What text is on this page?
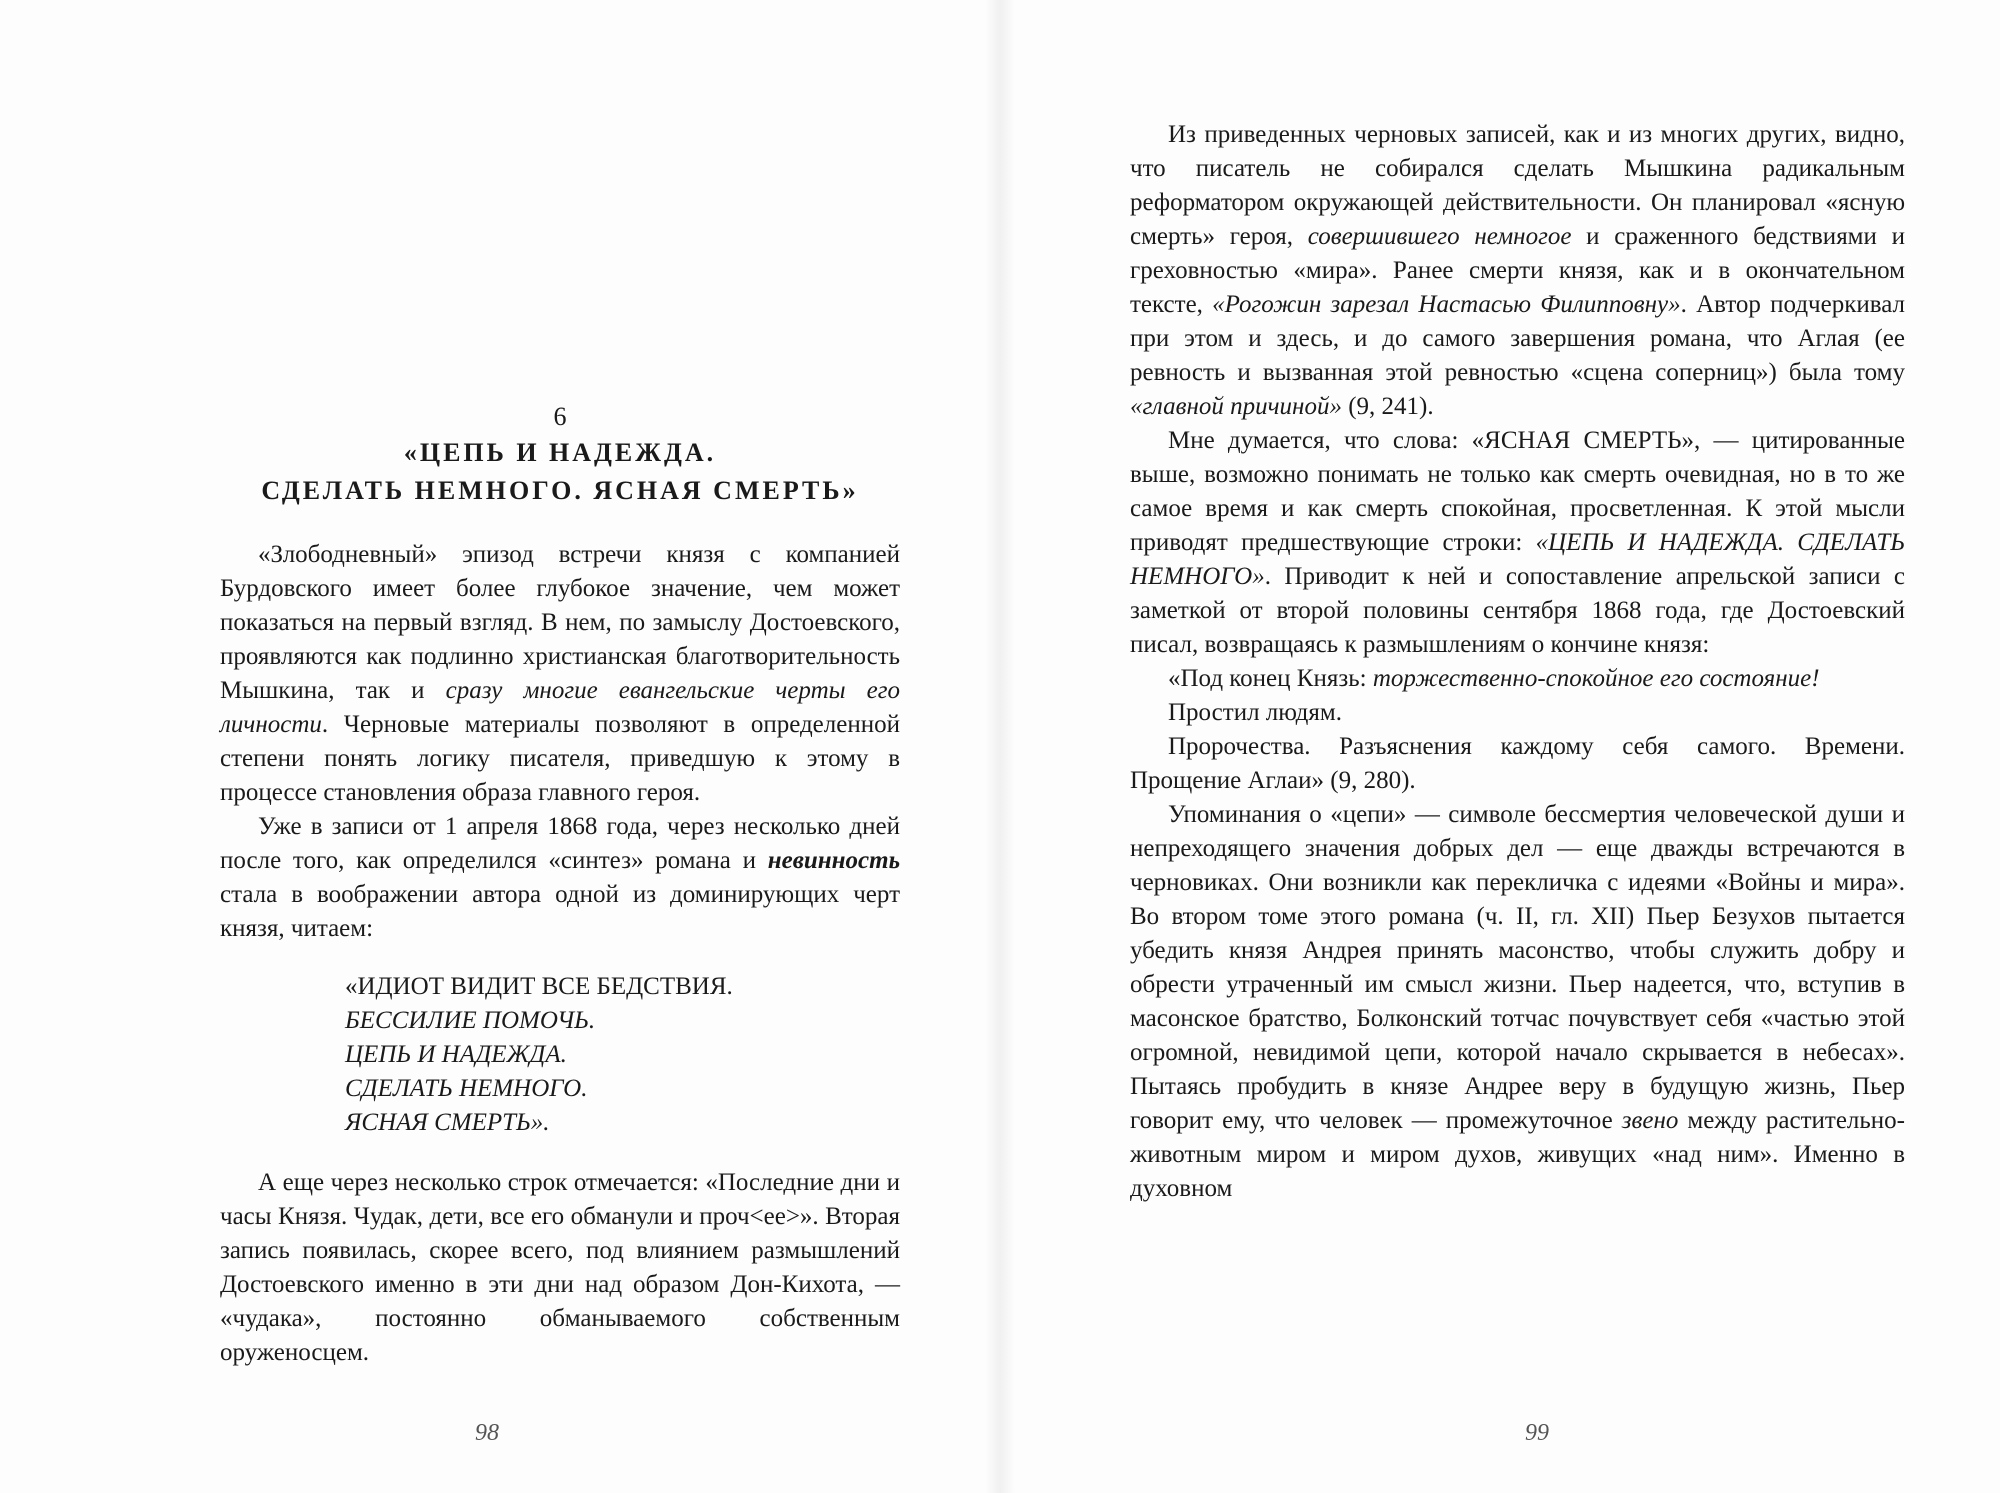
6

«ЦЕПЬ И НАДЕЖДА.
СДЕЛАТЬ НЕМНОГО. ЯСНАЯ СМЕРТЬ»

«Злободневный» эпизод встречи князя с компанией Бурдовского имеет более глубокое значение, чем может показаться на первый взгляд. В нем, по замыслу Достоевского, проявляются как подлинно христианская благотворительность Мышкина, так и сразу многие евангельские черты его личности. Черновые материалы позволяют в определенной степени понять логику писателя, приведшую к этому в процессе становления образа главного героя.

Уже в записи от 1 апреля 1868 года, через несколько дней после того, как определился «синтез» романа и невинность стала в воображении автора одной из доминирующих черт князя, читаем:

«ИДИОТ ВИДИТ ВСЕ БЕДСТВИЯ.
БЕССИЛИЕ ПОМОЧЬ.
ЦЕПЬ И НАДЕЖДА.
СДЕЛАТЬ НЕМНОГО.
ЯСНАЯ СМЕРТЬ».

А еще через несколько строк отмечается: «Последние дни и часы Князя. Чудак, дети, все его обманули и проч<ее>». Вторая запись появилась, скорее всего, под влиянием размышлений Достоевского именно в эти дни над образом Дон-Кихота, — «чудака», постоянно обманываемого собственным оруженосцем.

98

Из приведенных черновых записей, как и из многих других, видно, что писатель не собирался сделать Мышкина радикальным реформатором окружающей действительности. Он планировал «ясную смерть» героя, совершившего немногое и сраженного бедствиями и греховностью «мира». Ранее смерти князя, как и в окончательном тексте, «Рогожин зарезал Настасью Филипповну». Автор подчеркивал при этом и здесь, и до самого завершения романа, что Аглая (ее ревность и вызванная этой ревностью «сцена соперниц») была тому «главной причиной» (9, 241).

Мне думается, что слова: «ЯСНАЯ СМЕРТЬ», — цитированные выше, возможно понимать не только как смерть очевидная, но в то же самое время и как смерть спокойная, просветленная. К этой мысли приводят предшествующие строки: «ЦЕПЬ И НАДЕЖДА. СДЕЛАТЬ НЕМНОГО». Приводит к ней и сопоставление апрельской записи с заметкой от второй половины сентября 1868 года, где Достоевский писал, возвращаясь к размышлениям о кончине князя:

«Под конец Князь: торжественно-спокойное его состояние!

Простил людям.

Пророчества. Разъяснения каждому себя самого. Времени. Прощение Аглаи» (9, 280).

Упоминания о «цепи» — символе бессмертия человеческой души и непреходящего значения добрых дел — еще дважды встречаются в черновиках. Они возникли как перекличка с идеями «Войны и мира». Во втором томе этого романа (ч. II, гл. XII) Пьер Безухов пытается убедить князя Андрея принять масонство, чтобы служить добру и обрести утраченный им смысл жизни. Пьер надеется, что, вступив в масонское братство, Болконский тотчас почувствует себя «частью этой огромной, невидимой цепи, которой начало скрывается в небесах». Пытаясь пробудить в князе Андрее веру в будущую жизнь, Пьер говорит ему, что человек — промежуточное звено между растительно-животным миром и миром духов, живущих «над ним». Именно в духовном

99
